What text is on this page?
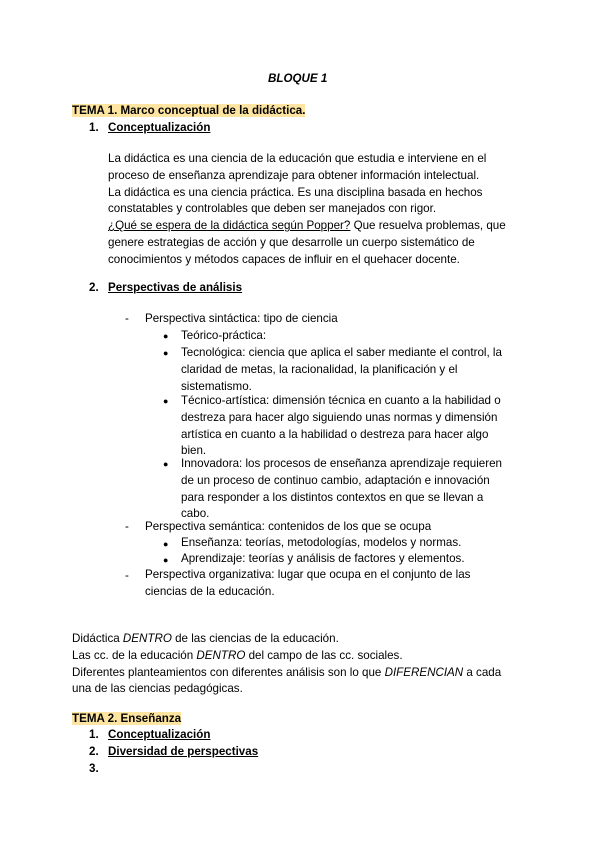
BLOQUE 1
TEMA 1. Marco conceptual de la didáctica.
1. Conceptualización
La didáctica es una ciencia de la educación que estudia e interviene en el
proceso de enseñanza aprendizaje para obtener información intelectual.
La didáctica es una ciencia práctica. Es una disciplina basada en hechos
constatables y controlables que deben ser manejados con rigor.
¿Qué se espera de la didáctica según Popper? Que resuelva problemas, que
genere estrategias de acción y que desarrolle un cuerpo sistemático de
conocimientos y métodos capaces de influir en el quehacer docente.
2. Perspectivas de análisis
- Perspectiva sintáctica: tipo de ciencia
● Teórico-práctica:
● Tecnológica: ciencia que aplica el saber mediante el control, la
claridad de metas, la racionalidad, la planificación y el
sistematismo.
● Técnico-artística: dimensión técnica en cuanto a la habilidad o
destreza para hacer algo siguiendo unas normas y dimensión
artística en cuanto a la habilidad o destreza para hacer algo
bien.
● Innovadora: los procesos de enseñanza aprendizaje requieren
de un proceso de continuo cambio, adaptación e innovación
para responder a los distintos contextos en que se llevan a
cabo.
- Perspectiva semántica: contenidos de los que se ocupa
● Enseñanza: teorías, metodologías, modelos y normas.
● Aprendizaje: teorías y análisis de factores y elementos.
- Perspectiva organizativa: lugar que ocupa en el conjunto de las
ciencias de la educación.
Didáctica DENTRO de las ciencias de la educación.
Las cc. de la educación DENTRO del campo de las cc. sociales.
Diferentes planteamientos con diferentes análisis son lo que DIFERENCIAN a cada
una de las ciencias pedagógicas.
TEMA 2. Enseñanza
1. Conceptualización
2. Diversidad de perspectivas
3.
